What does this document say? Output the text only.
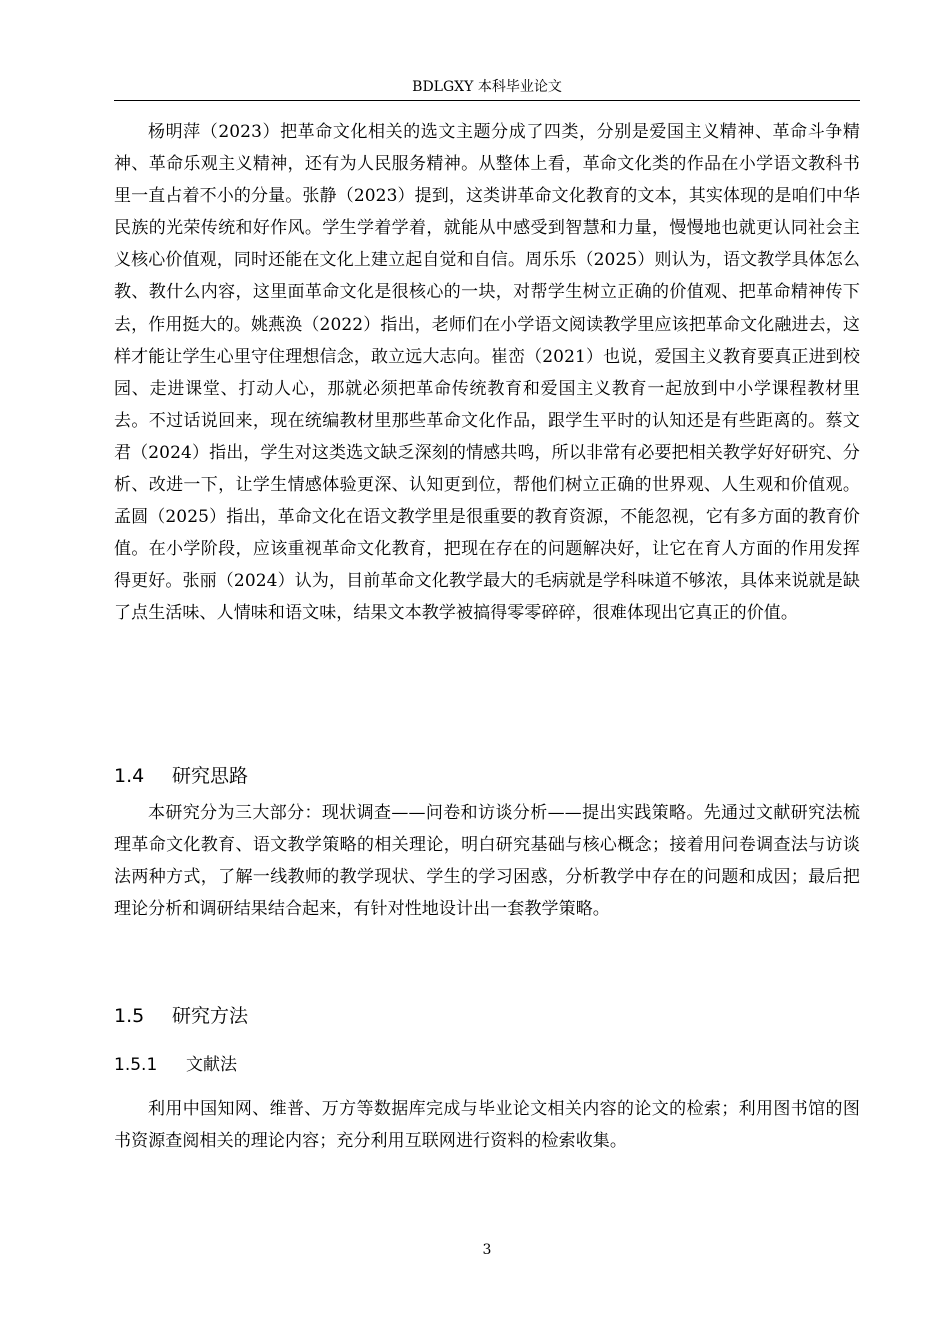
BDLGXY 本科毕业论文

杨明萍（2023）把革命文化相关的选文主题分成了四类，分别是爱国主义精神、革命斗争精神、革命乐观主义精神，还有为人民服务精神。从整体上看，革命文化类的作品在小学语文教科书里一直占着不小的分量。张静（2023）提到，这类讲革命文化教育的文本，其实体现的是咱们中华民族的光荣传统和好作风。学生学着学着，就能从中感受到智慧和力量，慢慢地也就更认同社会主义核心价值观，同时还能在文化上建立起自觉和自信。周乐乐（2025）则认为，语文教学具体怎么教、教什么内容，这里面革命文化是很核心的一块，对帮学生树立正确的价值观、把革命精神传下去，作用挺大的。姚燕涣（2022）指出，老师们在小学语文阅读教学里应该把革命文化融进去，这样才能让学生心里守住理想信念，敢立远大志向。崔峦（2021）也说，爱国主义教育要真正进到校园、走进课堂、打动人心，那就必须把革命传统教育和爱国主义教育一起放到中小学课程教材里去。不过话说回来，现在统编教材里那些革命文化作品，跟学生平时的认知还是有些距离的。蔡文君（2024）指出，学生对这类选文缺乏深刻的情感共鸣，所以非常有必要把相关教学好好研究、分析、改进一下，让学生情感体验更深、认知更到位，帮他们树立正确的世界观、人生观和价值观。孟圆（2025）指出，革命文化在语文教学里是很重要的教育资源，不能忽视，它有多方面的教育价值。在小学阶段，应该重视革命文化教育，把现在存在的问题解决好，让它在育人方面的作用发挥得更好。张丽（2024）认为，目前革命文化教学最大的毛病就是学科味道不够浓，具体来说就是缺了点生活味、人情味和语文味，结果文本教学被搞得零零碎碎，很难体现出它真正的价值。

1.4 研究思路

本研究分为三大部分：现状调查——问卷和访谈分析——提出实践策略。先通过文献研究法梳理革命文化教育、语文教学策略的相关理论，明白研究基础与核心概念；接着用问卷调查法与访谈法两种方式，了解一线教师的教学现状、学生的学习困惑，分析教学中存在的问题和成因；最后把理论分析和调研结果结合起来，有针对性地设计出一套教学策略。

1.5 研究方法
1.5.1 文献法

利用中国知网、维普、万方等数据库完成与毕业论文相关内容的论文的检索；利用图书馆的图书资源查阅相关的理论内容；充分利用互联网进行资料的检索收集。

3
